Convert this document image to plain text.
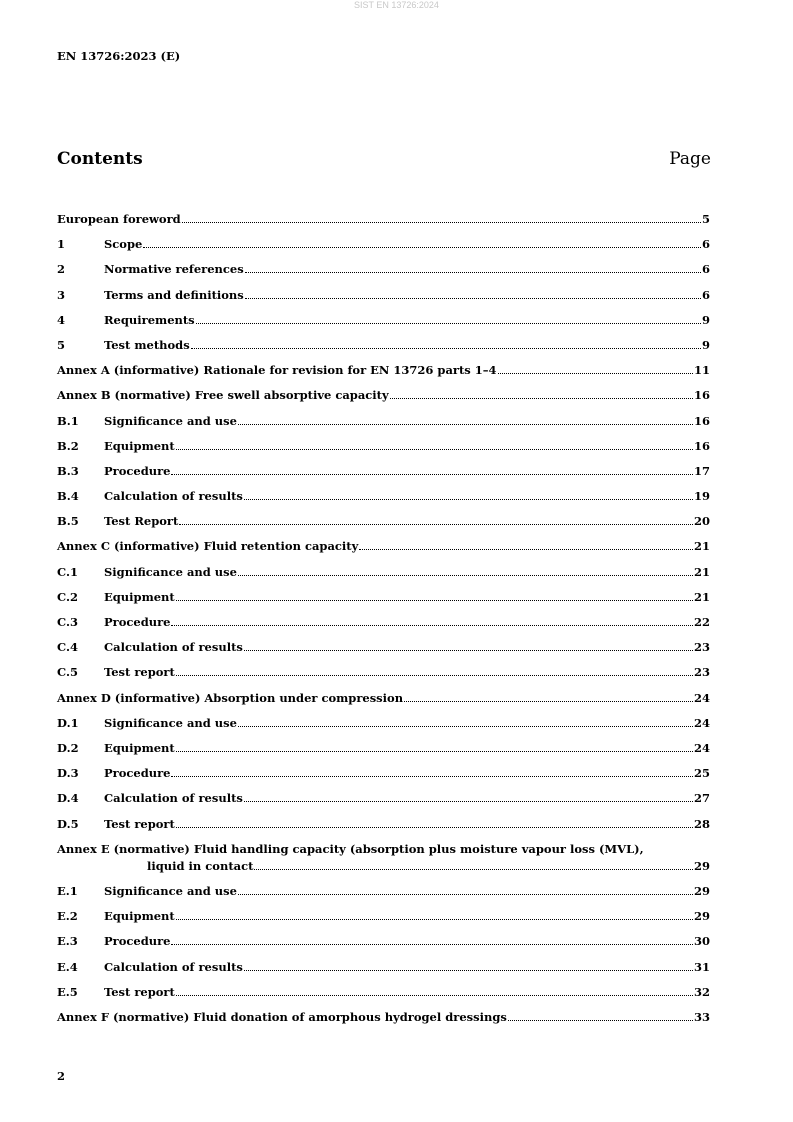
SIST EN 13726:2024
EN 13726:2023 (E)
Contents	Page
European foreword	5
1	Scope	6
2	Normative references	6
3	Terms and definitions	6
4	Requirements	9
5	Test methods	9
Annex A (informative) Rationale for revision for EN 13726 parts 1–4	11
Annex B (normative) Free swell absorptive capacity	16
B.1	Significance and use	16
B.2	Equipment	16
B.3	Procedure	17
B.4	Calculation of results	19
B.5	Test Report	20
Annex C (informative) Fluid retention capacity	21
C.1	Significance and use	21
C.2	Equipment	21
C.3	Procedure	22
C.4	Calculation of results	23
C.5	Test report	23
Annex D (informative) Absorption under compression	24
D.1	Significance and use	24
D.2	Equipment	24
D.3	Procedure	25
D.4	Calculation of results	27
D.5	Test report	28
Annex E (normative) Fluid handling capacity (absorption plus moisture vapour loss (MVL),
liquid in contact	29
E.1	Significance and use	29
E.2	Equipment	29
E.3	Procedure	30
E.4	Calculation of results	31
E.5	Test report	32
Annex F (normative) Fluid donation of amorphous hydrogel dressings	33
2
